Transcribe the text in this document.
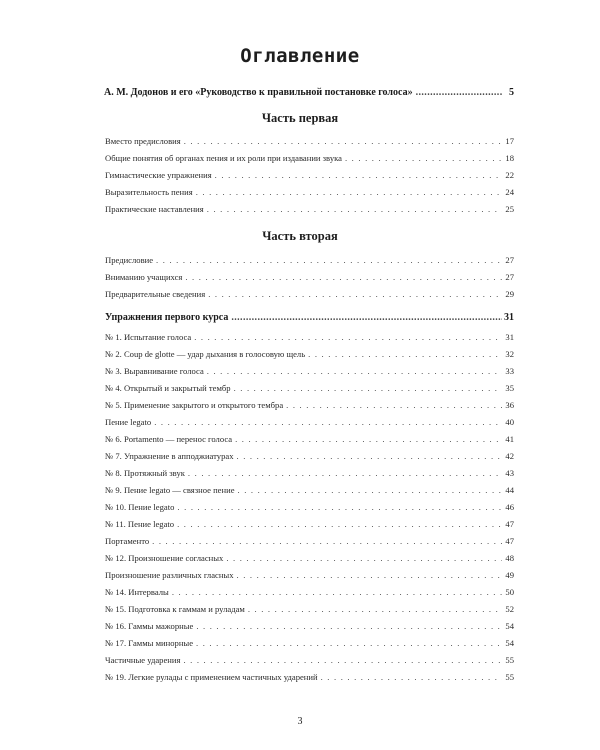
Оглавление
А. М. Додонов и его «Руководство к правильной постановке голоса» .....	5
Часть первая
Вместо предисловия . . .	17
Общие понятия об органах пения и их роли при издавании звука . . .	18
Гимнастические упражнения . . .	22
Выразительность пения . . .	24
Практические наставления . . .	25
Часть вторая
Предисловие . . .	27
Вниманию учащихся . . .	27
Предварительные сведения . . .	29
Упражнения первого курса .....	31
№ 1. Испытание голоса . . .	31
№ 2. Coup de glotte — удар дыхания в голосовую щель . . .	32
№ 3. Выравнивание голоса . . .	33
№ 4. Открытый и закрытый тембр . . .	35
№ 5. Применение закрытого и открытого тембра . . .	36
Пение legato . . .	40
№ 6. Portamento — перенос голоса . . .	41
№ 7. Упражнение в апподжиатурах . . .	42
№ 8. Протяжный звук . . .	43
№ 9. Пение legato — связное пение . . .	44
№ 10. Пение legato . . .	46
№ 11. Пение legato . . .	47
Портаменто . . .	47
№ 12. Произношение согласных . . .	48
Произношение различных гласных . . .	49
№ 14. Интервалы . . .	50
№ 15. Подготовка к гаммам и руладам . . .	52
№ 16. Гаммы мажорные . . .	54
№ 17. Гаммы минорные . . .	54
Частичные ударения . . .	55
№ 19. Легкие рулады с применением частичных ударений . . .	55
3
